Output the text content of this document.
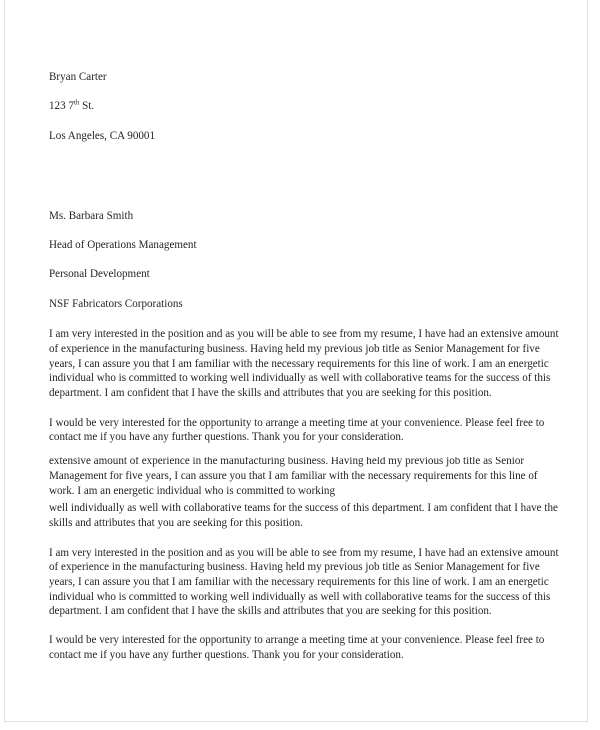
Bryan Carter

123 7th St.

Los Angeles, CA 90001

Ms. Barbara Smith

Head of Operations Management

Personal Development

NSF Fabricators Corporations

I am very interested in the position and as you will be able to see from my resume, I have had an extensive amount of experience in the manufacturing business. Having held my previous job title as Senior Management for five years, I can assure you that I am familiar with the necessary requirements for this line of work. I am an energetic individual who is committed to working well individually as well with collaborative teams for the success of this department. I am confident that I have the skills and attributes that you are seeking for this position.

I would be very interested for the opportunity to arrange a meeting time at your convenience. Please feel free to contact me if you have any further questions. Thank you for your consideration.

extensive amount of experience in the manufacturing business. Having held my previous job title as Senior Management for five years, I can assure you that I am familiar with the necessary requirements for this line of work. I am an energetic individual who is committed to working

well individually as well with collaborative teams for the success of this department. I am confident that I have the skills and attributes that you are seeking for this position.

I am very interested in the position and as you will be able to see from my resume, I have had an extensive amount of experience in the manufacturing business. Having held my previous job title as Senior Management for five years, I can assure you that I am familiar with the necessary requirements for this line of work. I am an energetic individual who is committed to working well individually as well with collaborative teams for the success of this department. I am confident that I have the skills and attributes that you are seeking for this position.

I would be very interested for the opportunity to arrange a meeting time at your convenience. Please feel free to contact me if you have any further questions. Thank you for your consideration.
